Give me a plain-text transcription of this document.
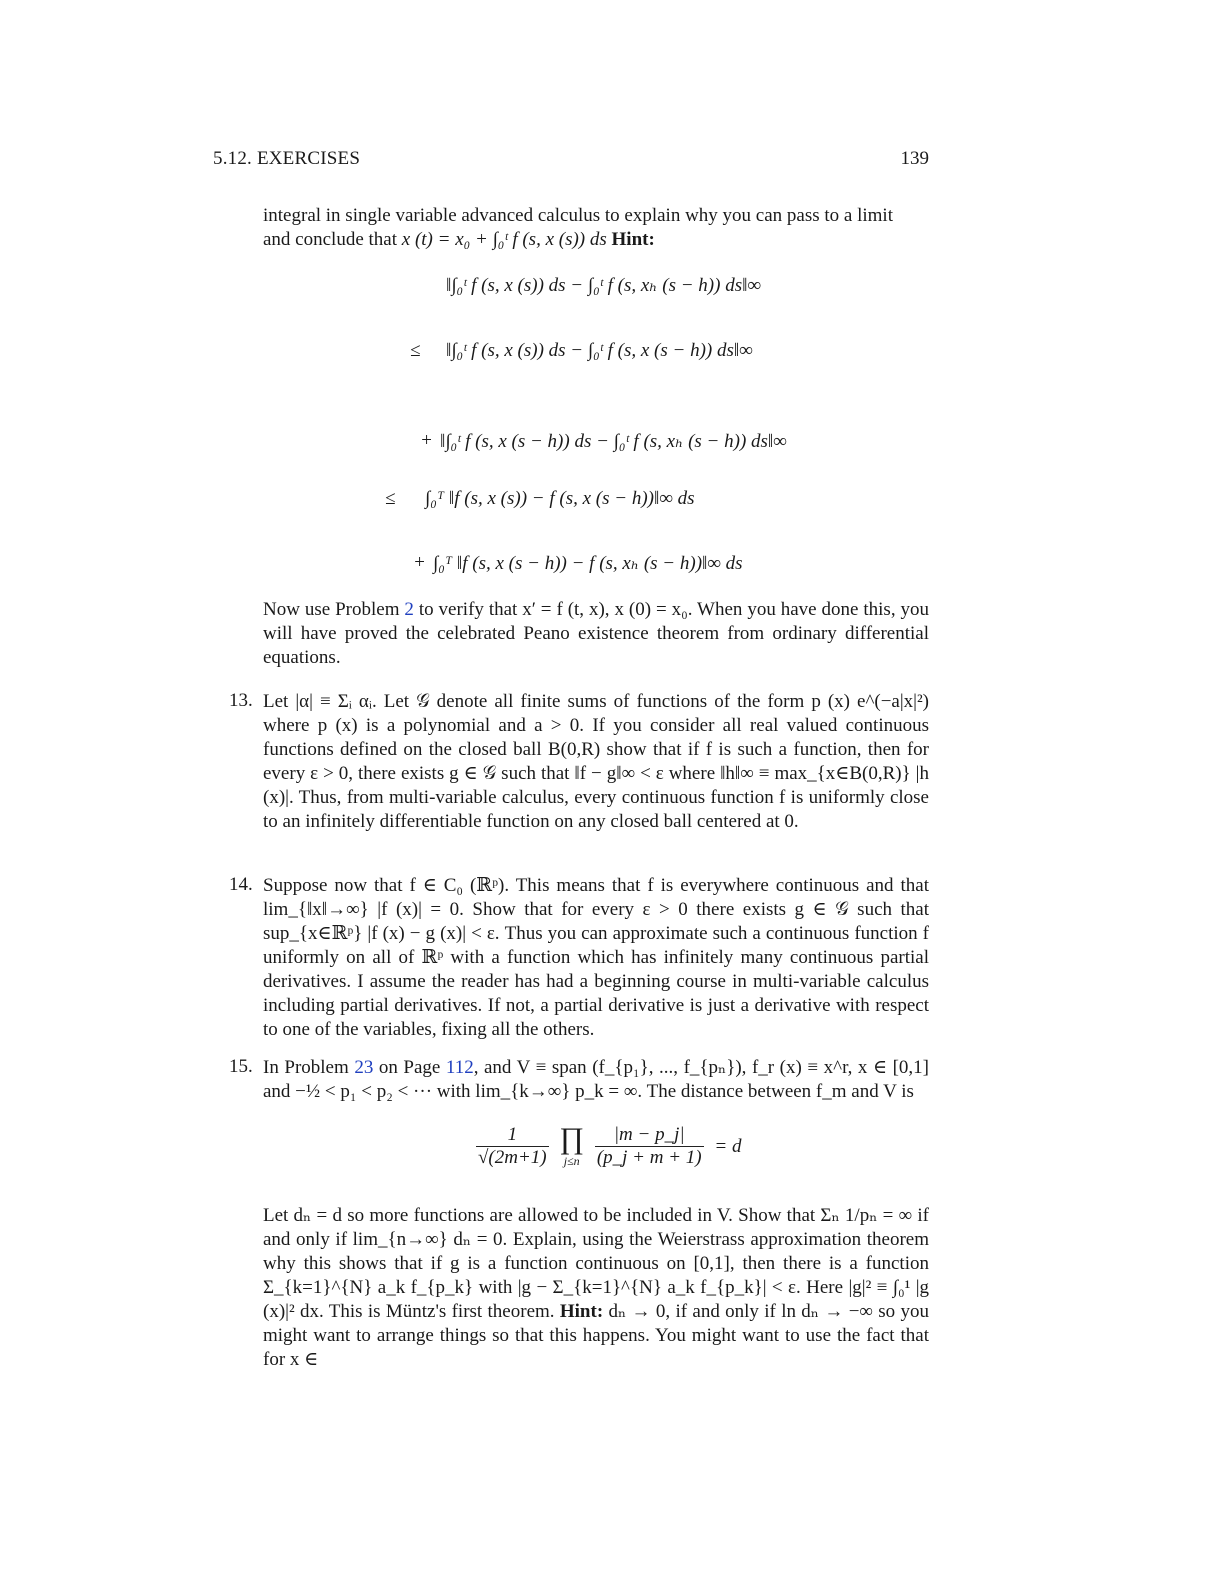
5.12. EXERCISES	139

integral in single variable advanced calculus to explain why you can pass to a limit

and conclude that x (t) = x₀ + ∫₀ᵗ f (s, x (s)) ds Hint:

‖∫₀ᵗ f (s, x (s)) ds − ∫₀ᵗ f (s, xₕ (s − h)) ds‖∞
≤ ‖∫₀ᵗ f (s, x (s)) ds − ∫₀ᵗ f (s, x (s − h)) ds‖∞
+ ‖∫₀ᵗ f (s, x (s − h)) ds − ∫₀ᵗ f (s, xₕ (s − h)) ds‖∞
≤ ∫₀ᵀ ‖f (s, x (s)) − f (s, x (s − h))‖∞ ds
+ ∫₀ᵀ ‖f (s, x (s − h)) − f (s, xₕ (s − h))‖∞ ds

Now use Problem 2 to verify that x′ = f (t, x), x (0) = x₀. When you have done this, you will have proved the celebrated Peano existence theorem from ordinary differential equations.

13. Let |α| ≡ Σᵢ αᵢ. Let 𝒢 denote all finite sums of functions of the form p (x) e^(−a|x|²) where p (x) is a polynomial and a > 0. If you consider all real valued continuous functions defined on the closed ball B(0,R) show that if f is such a function, then for every ε > 0, there exists g ∈ 𝒢 such that ‖f − g‖∞ < ε where ‖h‖∞ ≡ max_{x∈B(0,R)} |h (x)|. Thus, from multi-variable calculus, every continuous function f is uniformly close to an infinitely differentiable function on any closed ball centered at 0.

14. Suppose now that f ∈ C₀ (ℝᵖ). This means that f is everywhere continuous and that lim_{‖x‖→∞} |f (x)| = 0. Show that for every ε > 0 there exists g ∈ 𝒢 such that sup_{x∈ℝᵖ} |f (x) − g (x)| < ε. Thus you can approximate such a continuous function f uniformly on all of ℝᵖ with a function which has infinitely many continuous partial derivatives. I assume the reader has had a beginning course in multi-variable calculus including partial derivatives. If not, a partial derivative is just a derivative with respect to one of the variables, fixing all the others.

15. In Problem 23 on Page 112, and V ≡ span (f_{p₁}, ..., f_{pₙ}), f_r (x) ≡ x^r, x ∈ [0,1] and −½ < p₁ < p₂ < ··· with lim_{k→∞} p_k = ∞. The distance between f_m and V is

$\frac{1}{√(2m+1)}$
∏
j≤n
$\frac{|m - p\_j|}{(p\_j + m + 1)} = d$

Let dₙ = d so more functions are allowed to be included in V. Show that Σₙ 1/pₙ = ∞ if and only if lim_{n→∞} dₙ = 0. Explain, using the Weierstrass approximation theorem why this shows that if g is a function continuous on [0,1], then there is a function Σ_{k=1}^{N} a_k f_{p_k} with |g − Σ_{k=1}^{N} a_k f_{p_k}| < ε. Here |g|² ≡ ∫₀¹ |g (x)|² dx. This is Müntz's first theorem. Hint: dₙ → 0, if and only if ln dₙ → −∞ so you might want to arrange things so that this happens. You might want to use the fact that for x ∈
